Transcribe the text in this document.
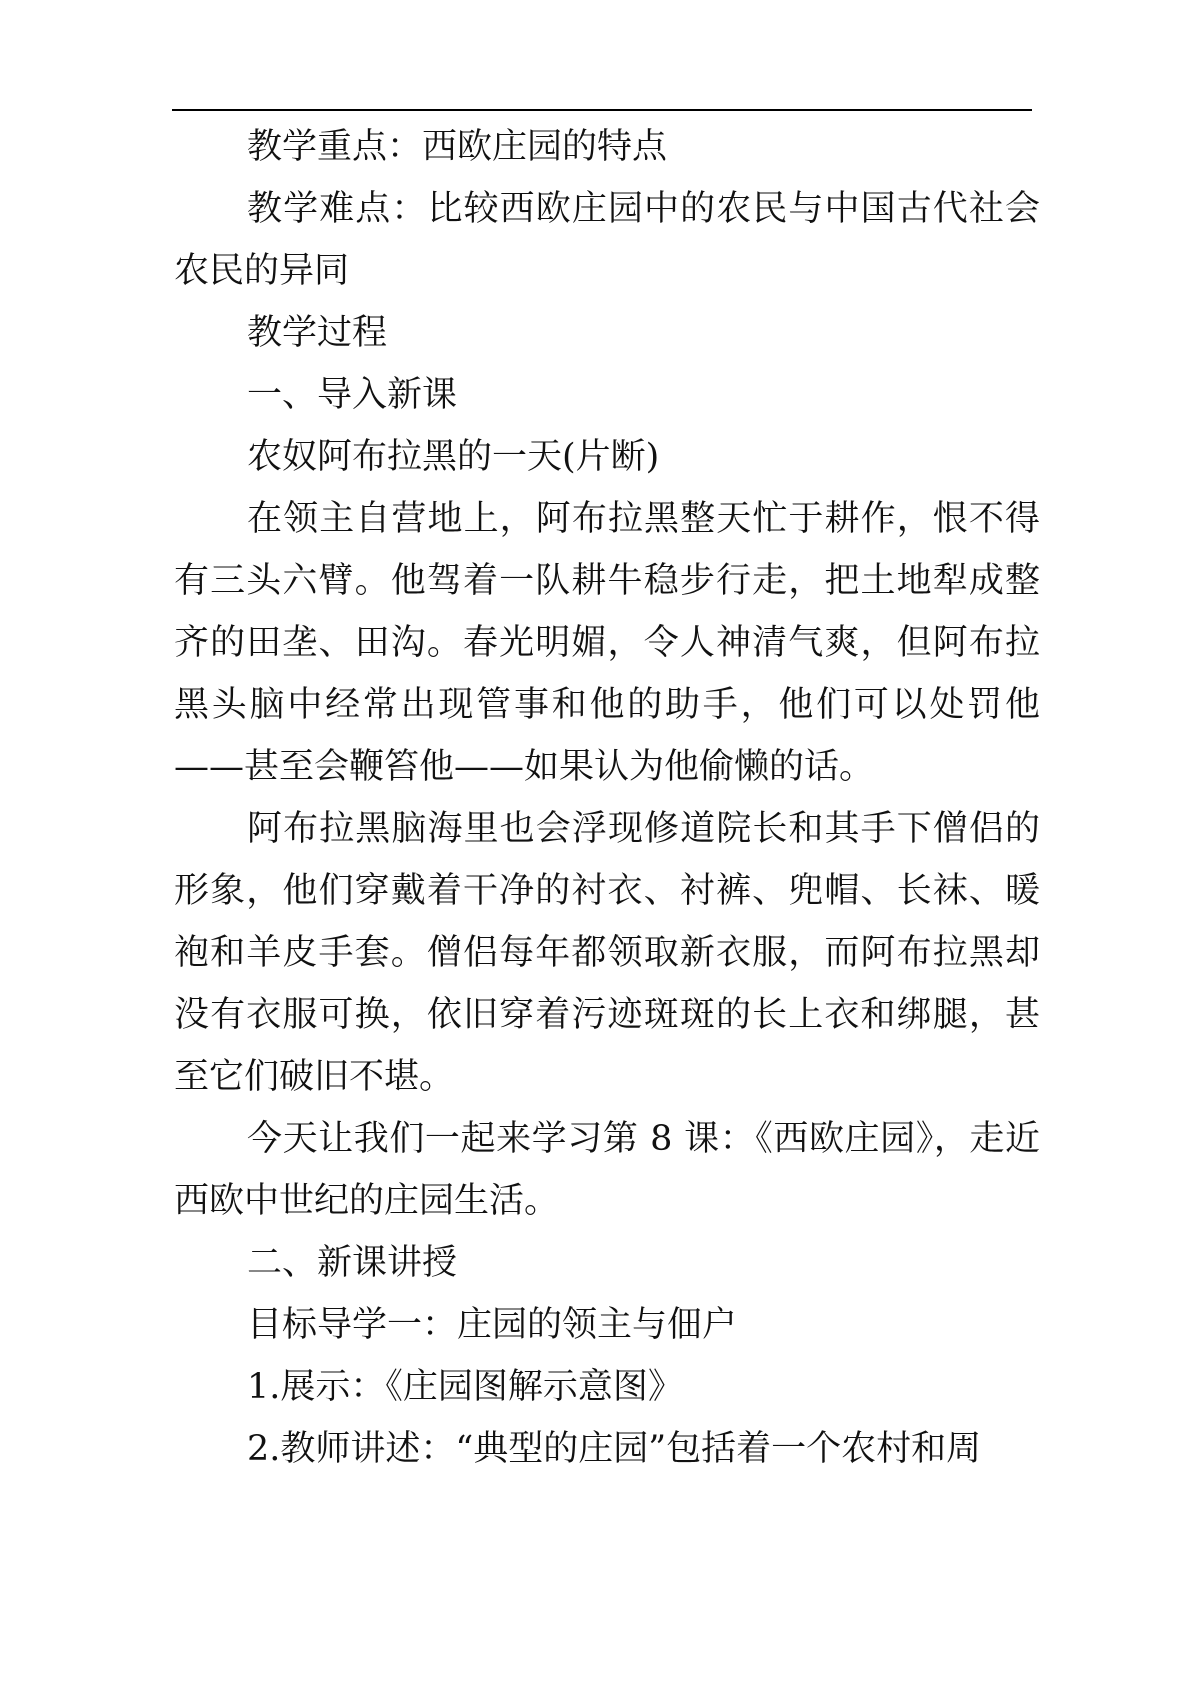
教学重点：西欧庄园的特点

教学难点：比较西欧庄园中的农民与中国古代社会农民的异同

教学过程

一、导入新课

农奴阿布拉黑的一天(片断)

在领主自营地上，阿布拉黑整天忙于耕作，恨不得有三头六臂。他驾着一队耕牛稳步行走，把土地犁成整齐的田垄、田沟。春光明媚，令人神清气爽，但阿布拉黑头脑中经常出现管事和他的助手，他们可以处罚他——甚至会鞭笞他——如果认为他偷懒的话。

阿布拉黑脑海里也会浮现修道院长和其手下僧侣的形象，他们穿戴着干净的衬衣、衬裤、兜帽、长袜、暖袍和羊皮手套。僧侣每年都领取新衣服，而阿布拉黑却没有衣服可换，依旧穿着污迹斑斑的长上衣和绑腿，甚至它们破旧不堪。

今天让我们一起来学习第 8 课：《西欧庄园》，走近西欧中世纪的庄园生活。

二、新课讲授

目标导学一：庄园的领主与佃户

1.展示：《庄园图解示意图》

2.教师讲述：“典型的庄园”包括着一个农村和周
